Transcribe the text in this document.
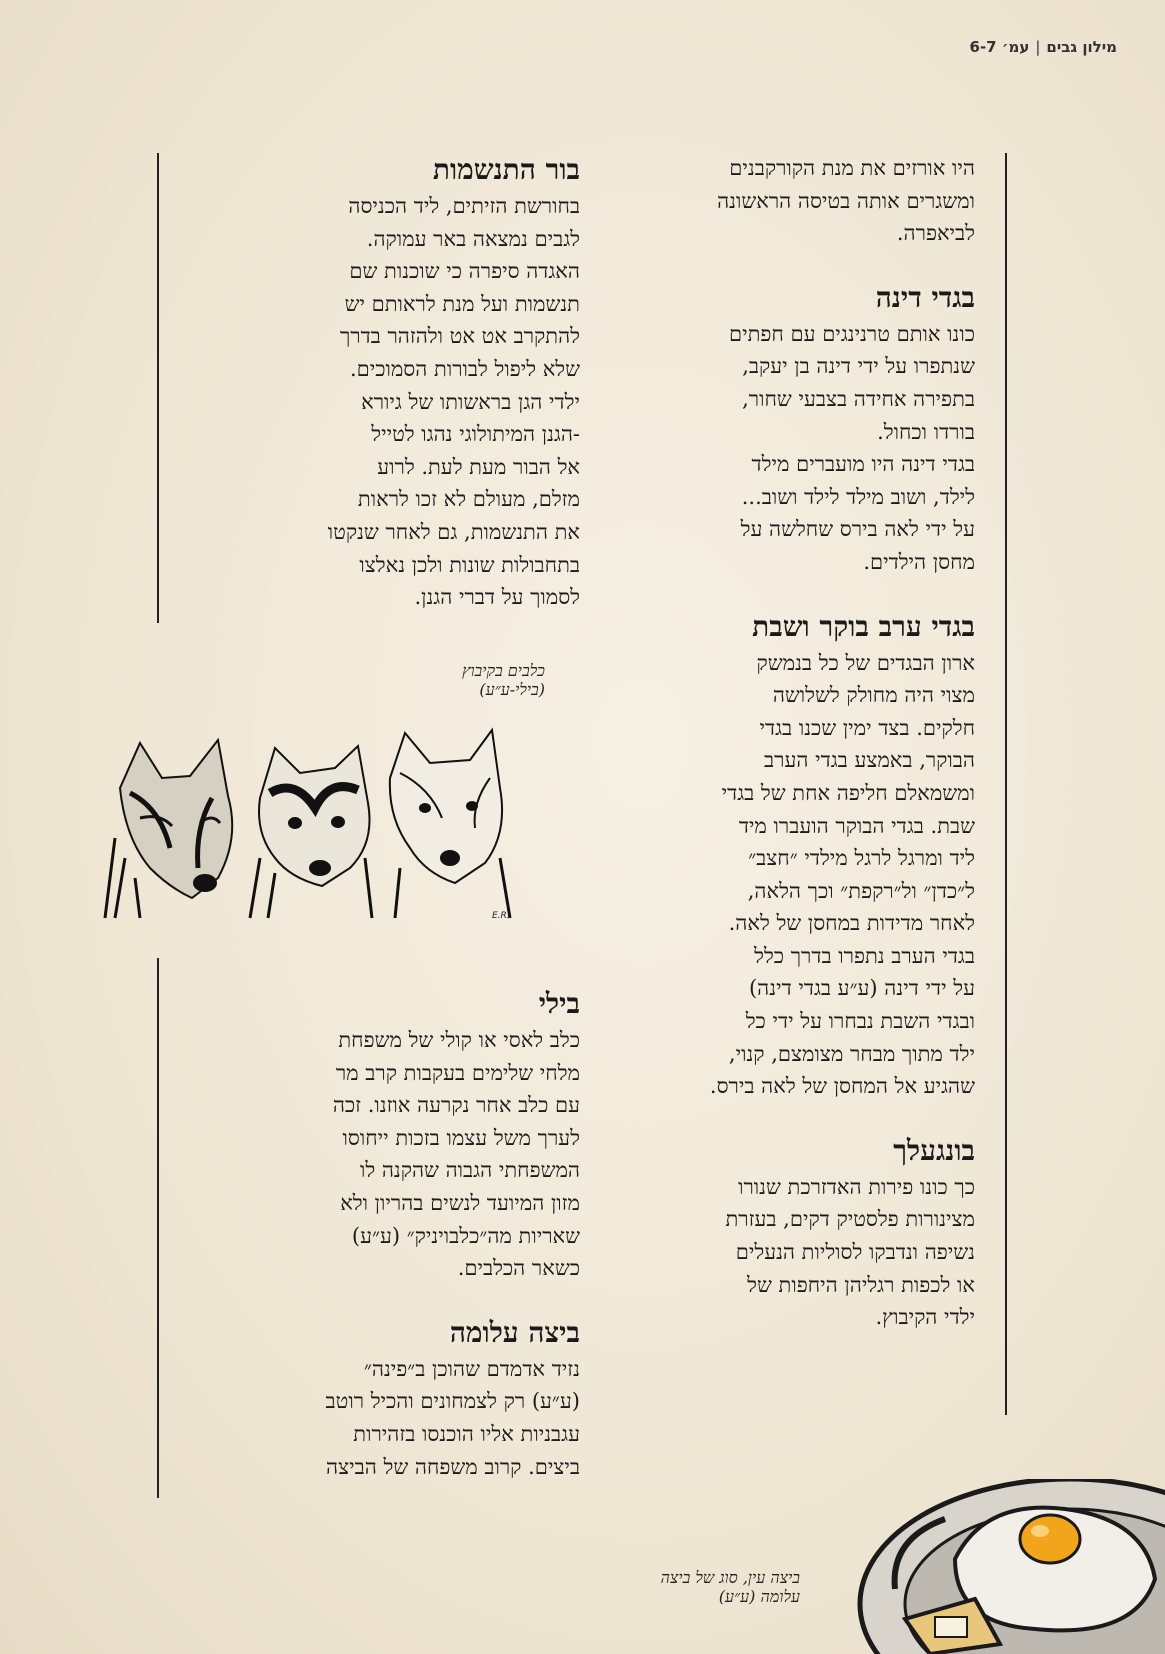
מילון גבים|עמ׳ 6-7

היו אורזים את מנת הקורקבנים
ומשגרים אותה בטיסה הראשונה
לביאפרה.

בגדי דינה

כונו אותם טרנינגים עם חפתים
שנתפרו על ידי דינה בן יעקב,
בתפירה אחידה בצבעי שחור,
בורדו וכחול.

בגדי דינה היו מועברים מילד
לילד, ושוב מילד לילד ושוב...
על ידי לאה בירס שחלשה על
מחסן הילדים.

בגדי ערב בוקר ושבת

ארון הבגדים של כל בנמשק
מצוי היה מחולק לשלושה
חלקים. בצד ימין שכנו בגדי
הבוקר, באמצע בגדי הערב
ומשמאלם חליפה אחת של בגדי
שבת. בגדי הבוקר הועברו מיד
ליד ומרגל לרגל מילדי ״חצב״
ל״כדן״ ול״רקפת״ וכך הלאה,
לאחר מדידות במחסן של לאה.

בגדי הערב נתפרו בדרך כלל
על ידי דינה (ע״ע בגדי דינה)
ובגדי השבת נבחרו על ידי כל
ילד מתוך מבחר מצומצם, קנוי,
שהגיע אל המחסן של לאה בירס.

בונגעלך

כך כונו פירות האדזרכת שנורו
מצינורות פלסטיק דקים, בעזרת
נשיפה ונדבקו לסוליות הנעלים
או לכפות רגליהן היחפות של
ילדי הקיבוץ.

בור התנשמות

בחורשת הזיתים, ליד הכניסה
לגבים נמצאה באר עמוקה.

האגדה סיפרה כי שוכנות שם
תנשמות ועל מנת לראותם יש
להתקרב אט אט ולהזהר בדרך
שלא ליפול לבורות הסמוכים.

ילדי הגן בראשותו של גיורא
-הגנן המיתולוגי נהגו לטייל
אל הבור מעת לעת. לרוע
מזלם, מעולם לא זכו לראות
את התנשמות, גם לאחר שנקטו
בתחבולות שונות ולכן נאלצו
לסמוך על דברי הגנן.

בילי

כלב לאסי או קולי של משפחת
מלחי שלימים בעקבות קרב מר
עם כלב אחר נקרעה אוזנו. זכה
לערך משל עצמו בזכות ייחוסו
המשפחתי הגבוה שהקנה לו
מזון המיועד לנשים בהריון ולא
שאריות מה״כלבויניק״ (ע״ע)
כשאר הכלבים.

ביצה עלומה

נזיד אדמדם שהוכן ב״פינה״
(ע״ע) רק לצמחונים והכיל רוטב
עגבניות אליו הוכנסו בזהירות
ביצים. קרוב משפחה של הביצה

כלבים בקיבוץ
(בילי-ע״ע)
E.R.
ביצה עין, סוג של ביצה
עלומה (ע״ע)
